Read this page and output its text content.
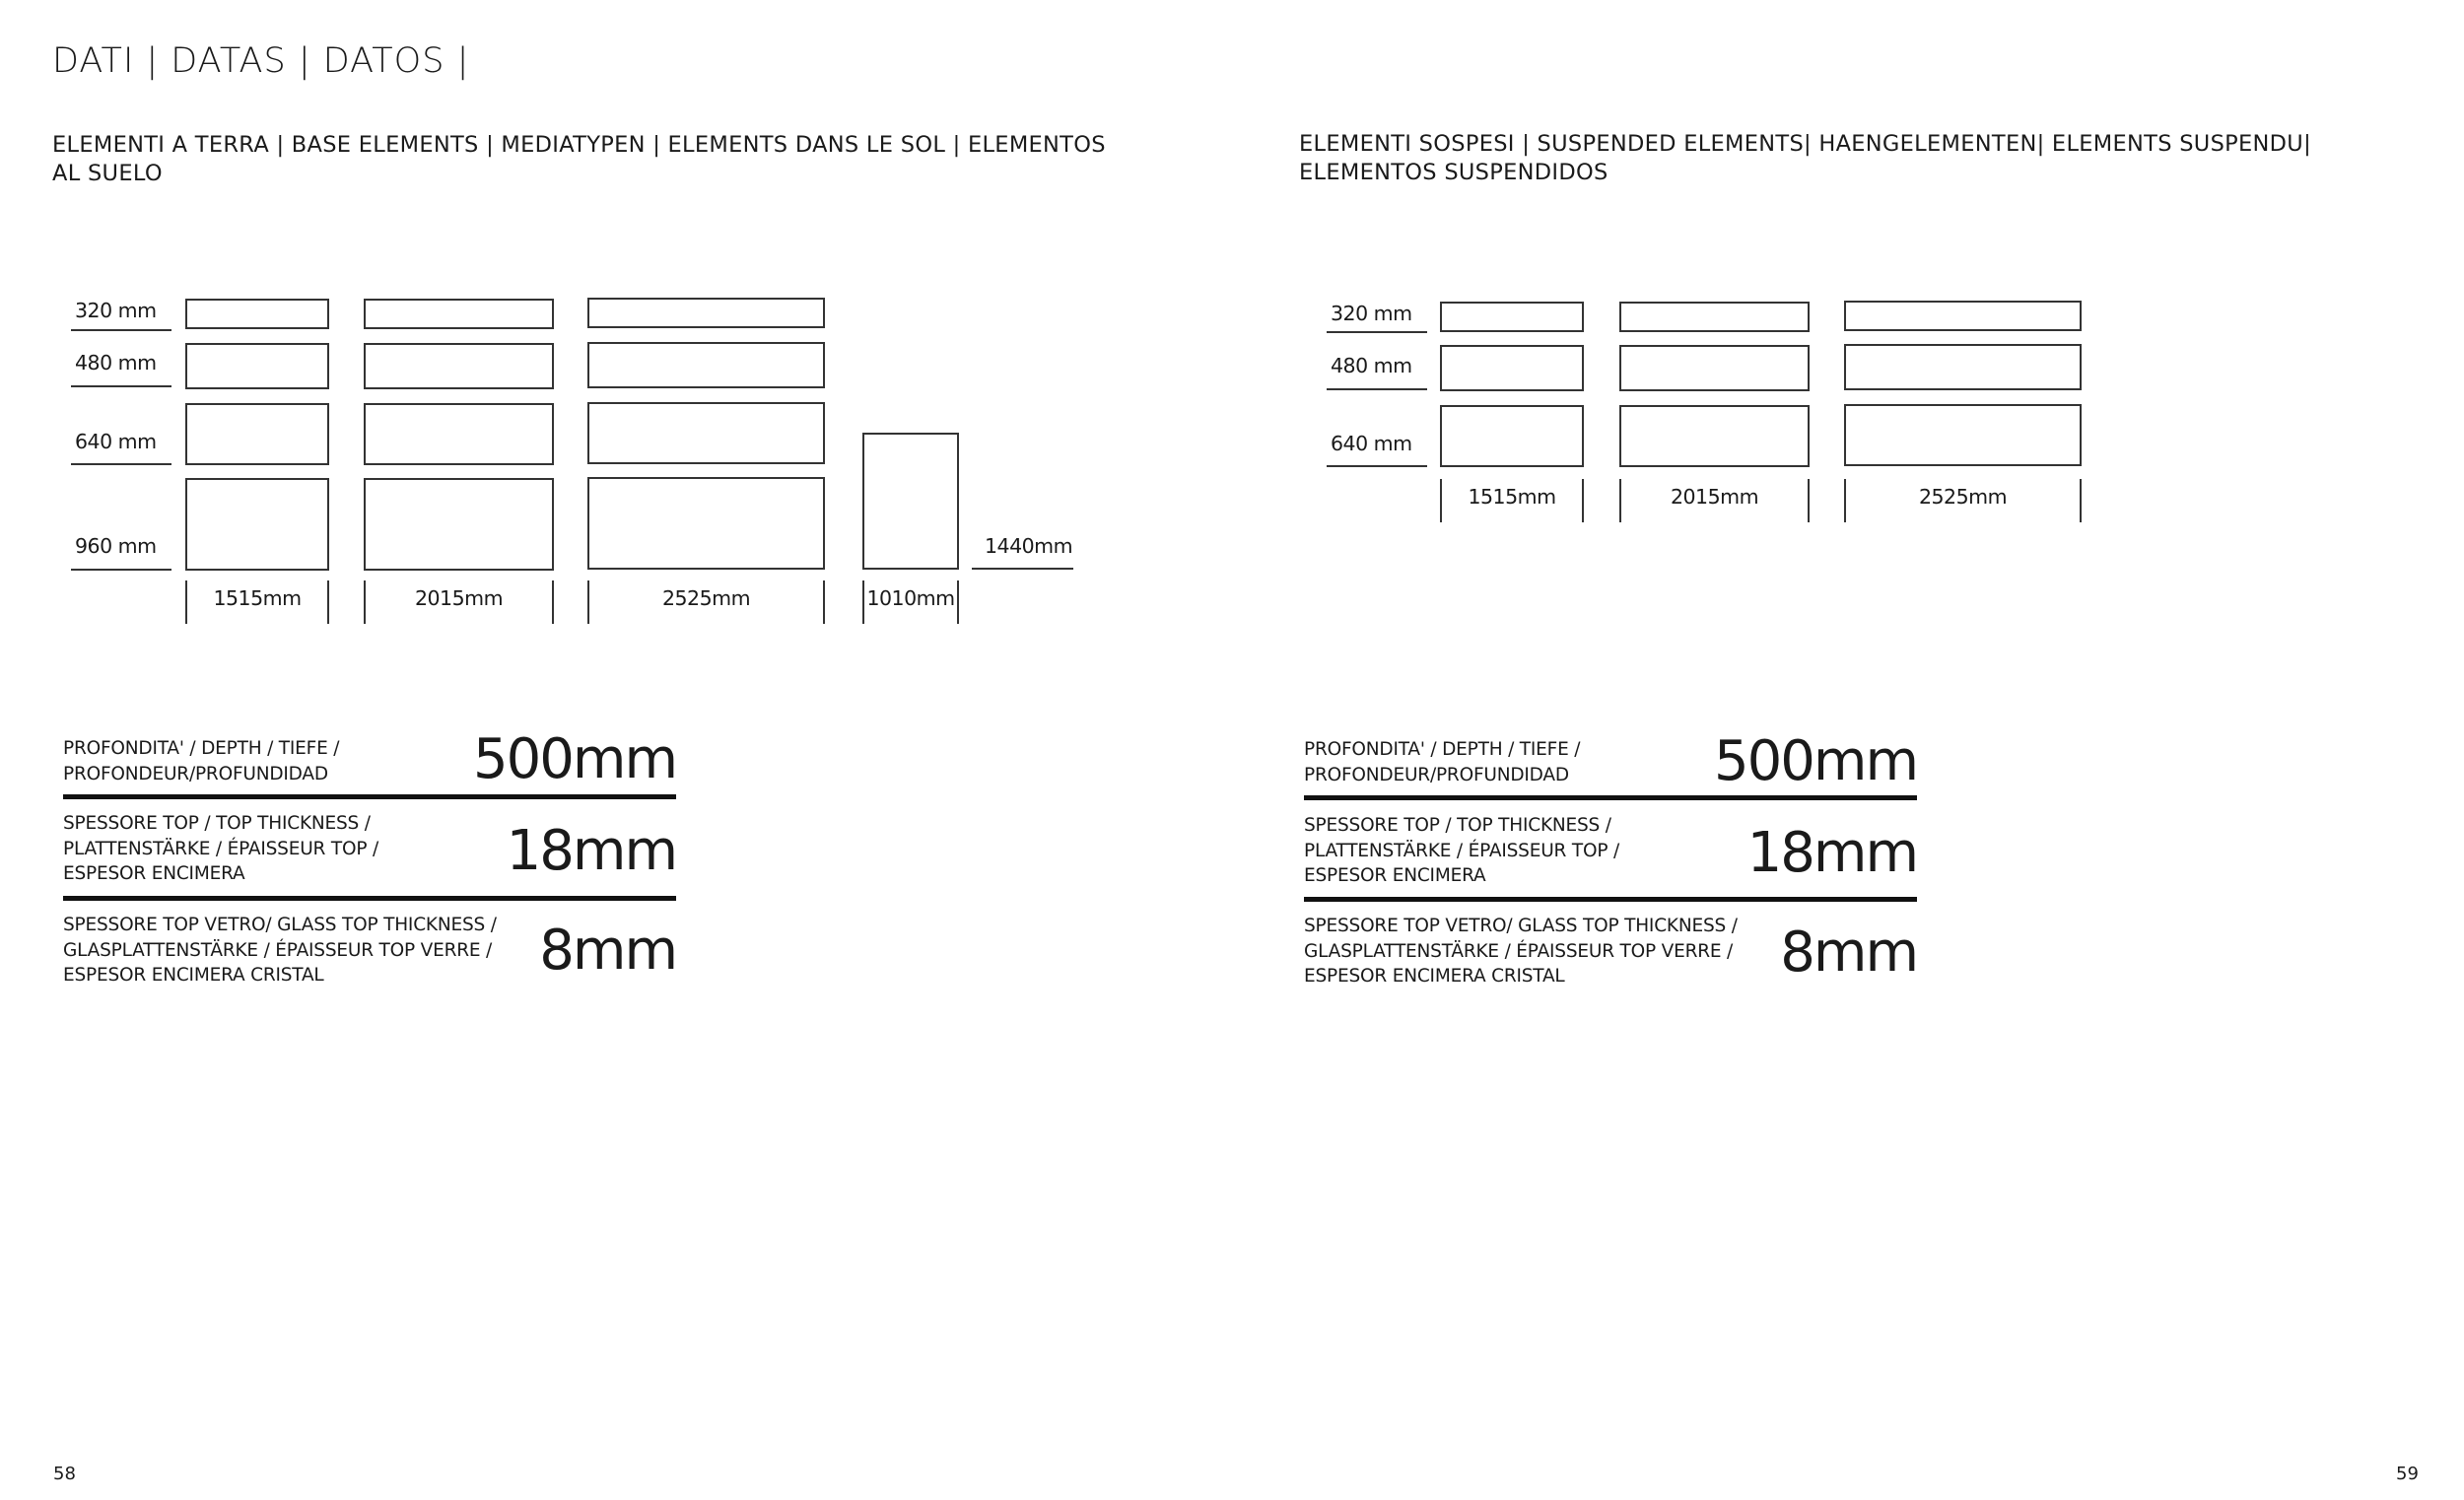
DATI | DATAS | DATOS |
ELEMENTI A TERRA | BASE ELEMENTS | MEDIATYPEN | ELEMENTS DANS LE SOL | ELEMENTOS AL SUELO
ELEMENTI SOSPESI | SUSPENDED ELEMENTS| HAENGELEMENTEN| ELEMENTS SUSPENDU| ELEMENTOS SUSPENDIDOS
320 mm
480 mm
640 mm
960 mm	1440mm
1515mm	2015mm	2525mm	1010mm
320 mm
480 mm
640 mm
1515mm	2015mm	2525mm
PROFONDITA' / DEPTH / TIEFE /
PROFONDEUR/PROFUNDIDAD	500mm
SPESSORE TOP / TOP THICKNESS /
PLATTENSTÄRKE / ÉPAISSEUR TOP /
ESPESOR ENCIMERA	18mm
SPESSORE TOP VETRO/ GLASS TOP THICKNESS /
GLASPLATTENSTÄRKE / ÉPAISSEUR TOP VERRE /
ESPESOR ENCIMERA CRISTAL	8mm
PROFONDITA' / DEPTH / TIEFE /
PROFONDEUR/PROFUNDIDAD	500mm
SPESSORE TOP / TOP THICKNESS /
PLATTENSTÄRKE / ÉPAISSEUR TOP /
ESPESOR ENCIMERA	18mm
SPESSORE TOP VETRO/ GLASS TOP THICKNESS /
GLASPLATTENSTÄRKE / ÉPAISSEUR TOP VERRE /
ESPESOR ENCIMERA CRISTAL	8mm
58	59
